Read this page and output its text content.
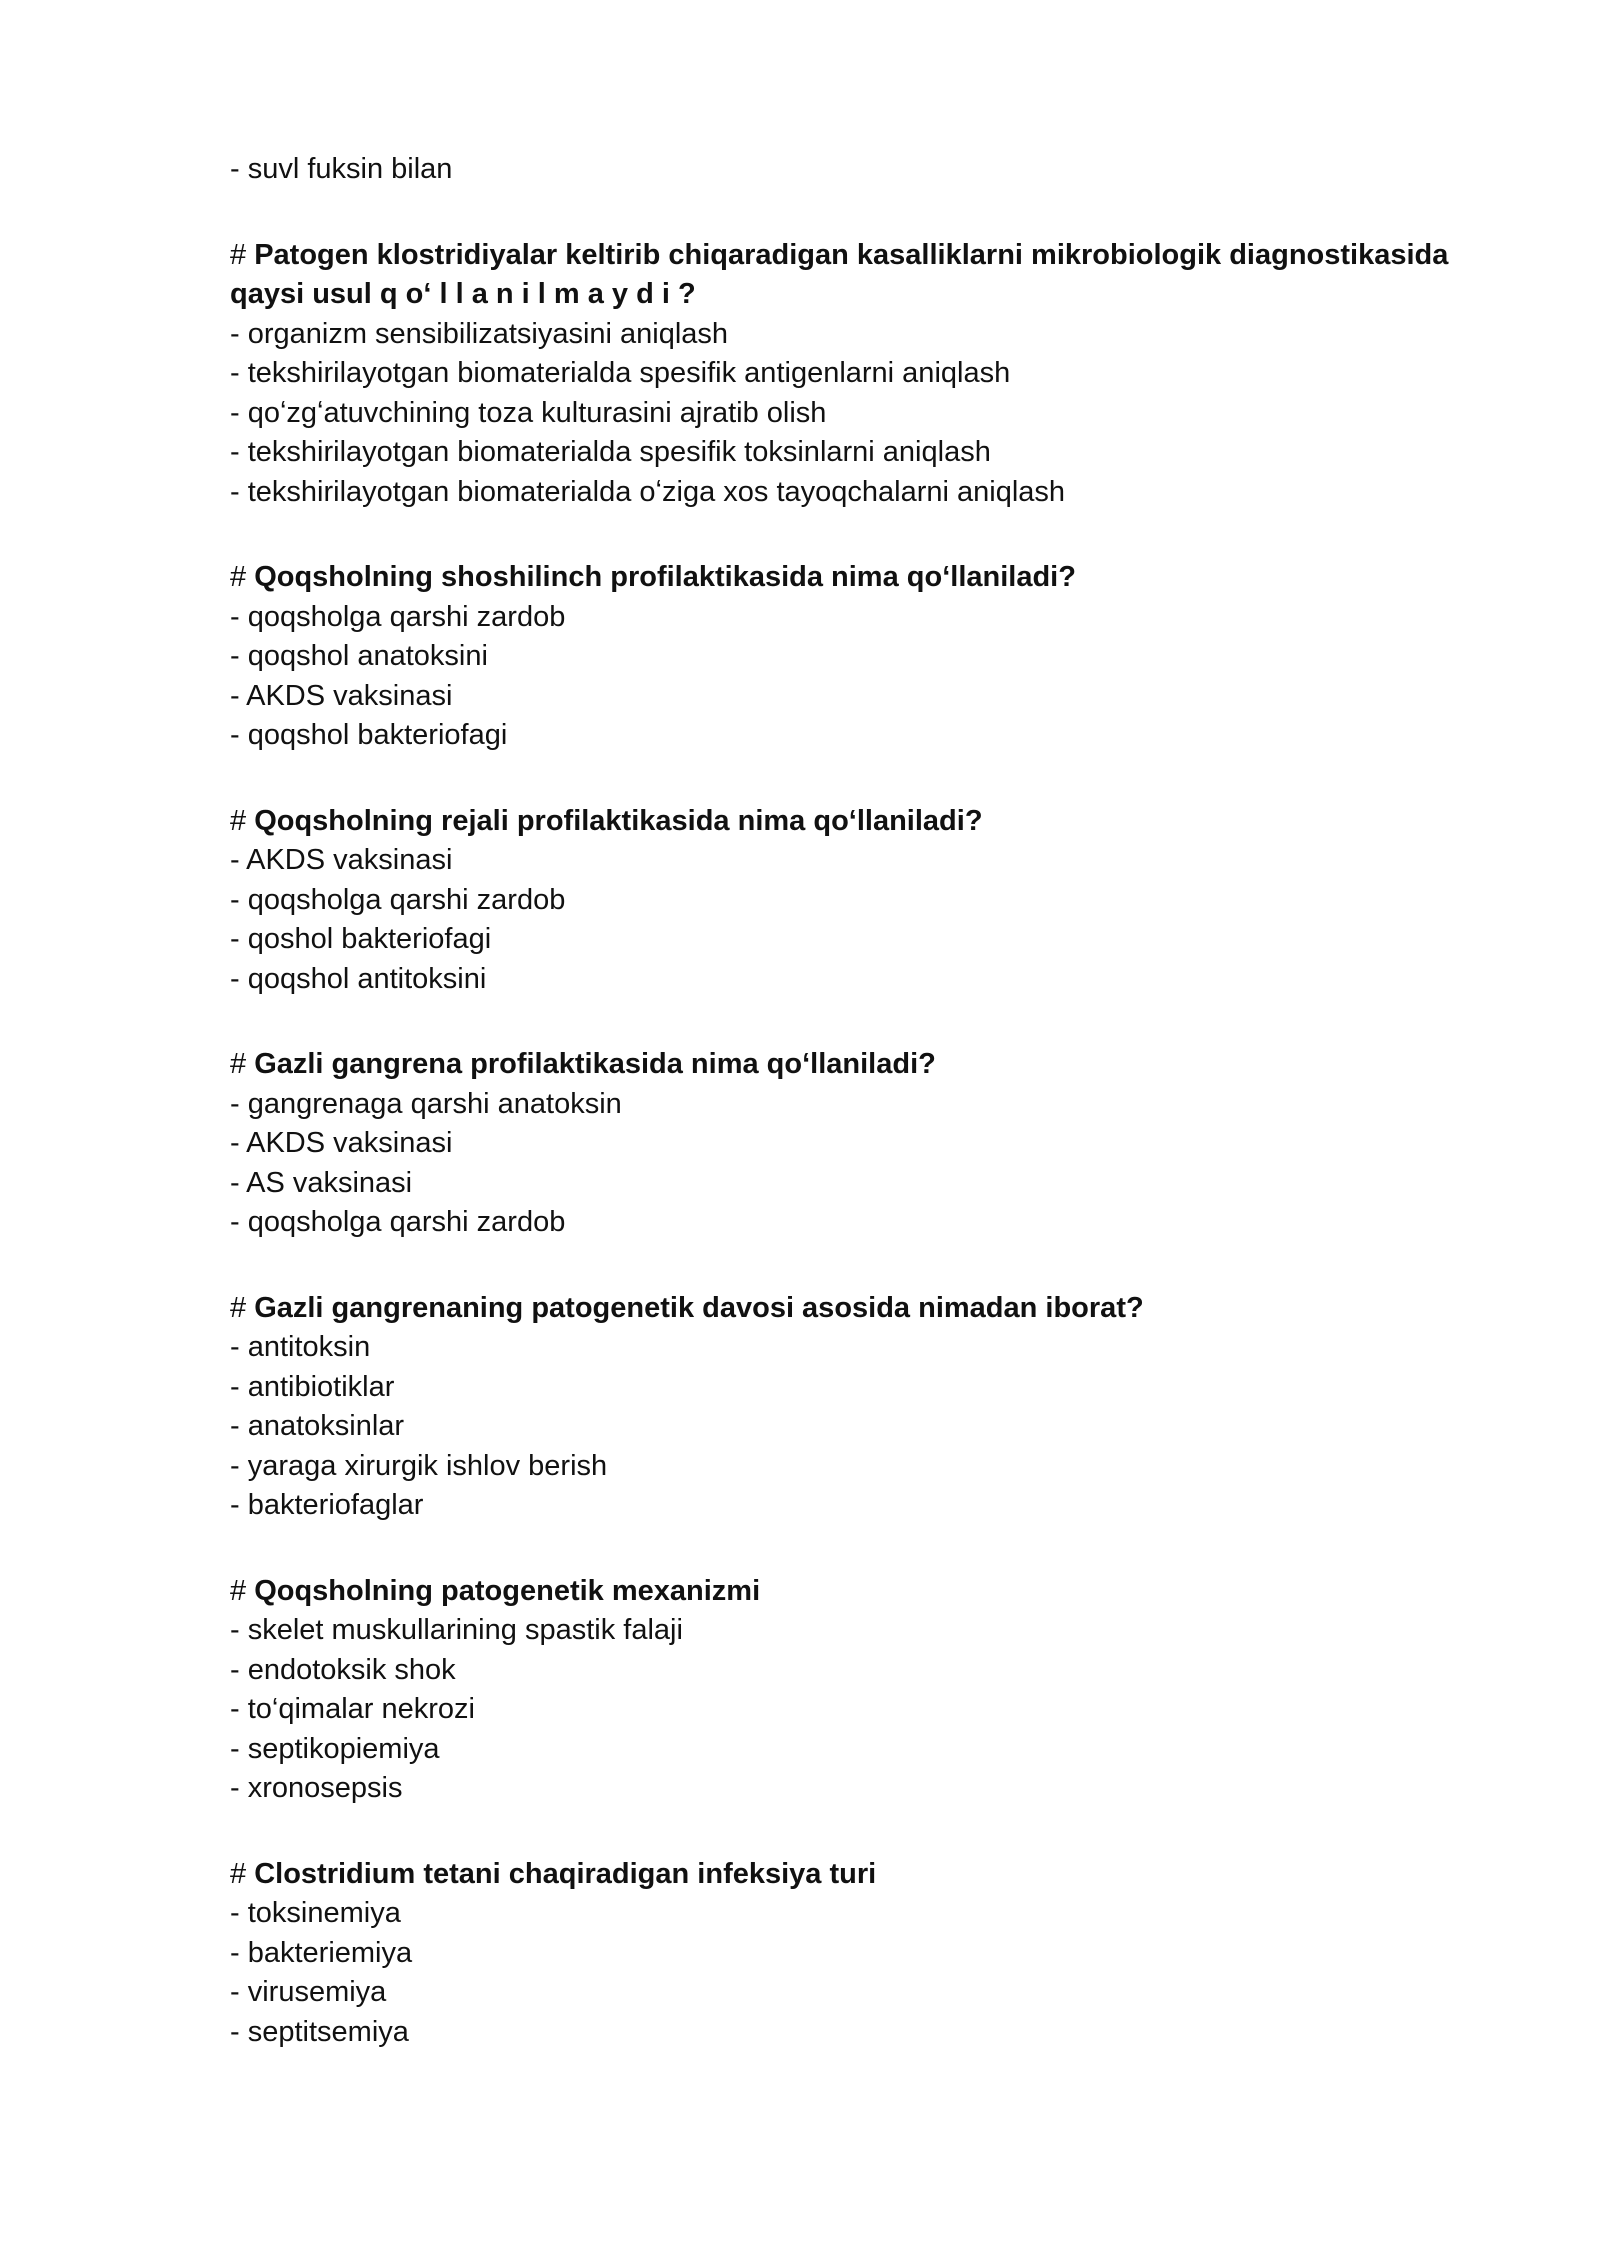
- suvl fuksin bilan

# Patogen klostridiyalar keltirib chiqaradigan kasalliklarni mikrobiologik diagnostikasida qaysi usul q o‘ l l a n i l m a y d i ?

- organizm sensibilizatsiyasini aniqlash

- tekshirilayotgan biomaterialda spesifik antigenlarni aniqlash

- qoʻzgʻatuvchining toza kulturasini ajratib olish

- tekshirilayotgan biomaterialda spesifik toksinlarni aniqlash

- tekshirilayotgan biomaterialda oʻziga xos tayoqchalarni aniqlash

# Qoqsholning shoshilinch profilaktikasida nima qo‘llaniladi?

- qoqsholga qarshi zardob

- qoqshol anatoksini

- AKDS vaksinasi

- qoqshol bakteriofagi

# Qoqsholning rejali profilaktikasida nima qo‘llaniladi?

- AKDS vaksinasi

- qoqsholga qarshi zardob

- qoshol bakteriofagi

- qoqshol antitoksini

# Gazli gangrena profilaktikasida nima qo‘llaniladi?

- gangrenaga qarshi anatoksin

- AKDS vaksinasi

- AS vaksinasi

- qoqsholga qarshi zardob

# Gazli gangrenaning patogenetik davosi asosida nimadan iborat?

- antitoksin

- antibiotiklar

- anatoksinlar

- yaraga xirurgik ishlov berish

- bakteriofaglar

# Qoqsholning patogenetik mexanizmi

- skelet muskullarining spastik falaji

- endotoksik shok

- to‘qimalar nekrozi

- septikopiemiya

- xronosepsis

# Clostridium tetani chaqiradigan infeksiya turi

- toksinemiya

- bakteriemiya

- virusemiya

- septitsemiya
